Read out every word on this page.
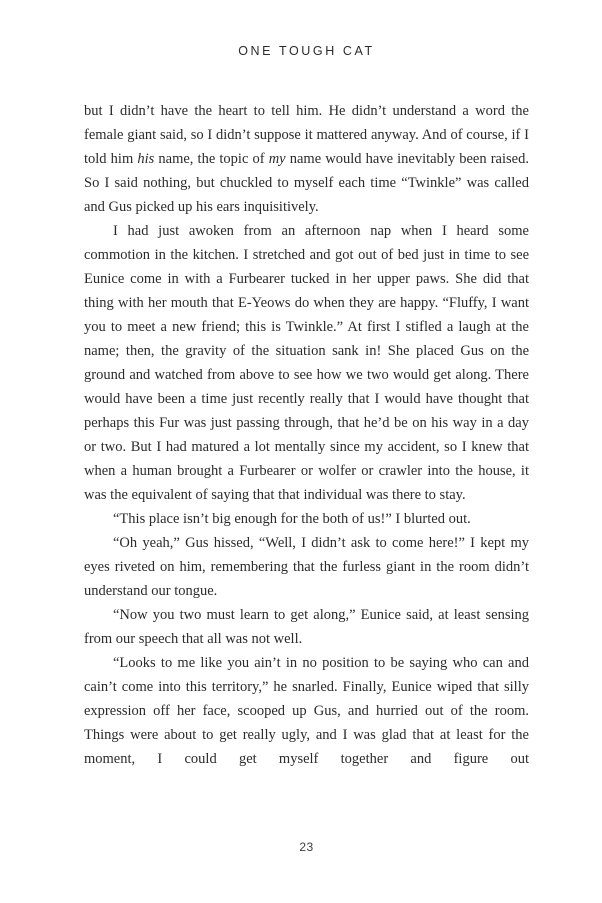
ONE TOUGH CAT

but I didn’t have the heart to tell him. He didn’t understand a word the female giant said, so I didn’t suppose it mattered anyway. And of course, if I told him his name, the topic of my name would have inevitably been raised. So I said nothing, but chuckled to myself each time “Twinkle” was called and Gus picked up his ears inquisitively.

I had just awoken from an afternoon nap when I heard some commotion in the kitchen. I stretched and got out of bed just in time to see Eunice come in with a Furbearer tucked in her upper paws. She did that thing with her mouth that E-Yeows do when they are happy. “Fluffy, I want you to meet a new friend; this is Twinkle.” At first I stifled a laugh at the name; then, the gravity of the situation sank in! She placed Gus on the ground and watched from above to see how we two would get along. There would have been a time just recently really that I would have thought that perhaps this Fur was just passing through, that he’d be on his way in a day or two. But I had matured a lot mentally since my accident, so I knew that when a human brought a Furbearer or wolfer or crawler into the house, it was the equivalent of saying that that individual was there to stay.

“This place isn’t big enough for the both of us!” I blurted out.

“Oh yeah,” Gus hissed, “Well, I didn’t ask to come here!” I kept my eyes riveted on him, remembering that the furless giant in the room didn’t understand our tongue.

“Now you two must learn to get along,” Eunice said, at least sensing from our speech that all was not well.

“Looks to me like you ain’t in no position to be saying who can and cain’t come into this territory,” he snarled. Finally, Eunice wiped that silly expression off her face, scooped up Gus, and hurried out of the room. Things were about to get really ugly, and I was glad that at least for the moment, I could get myself together and figure out

23
